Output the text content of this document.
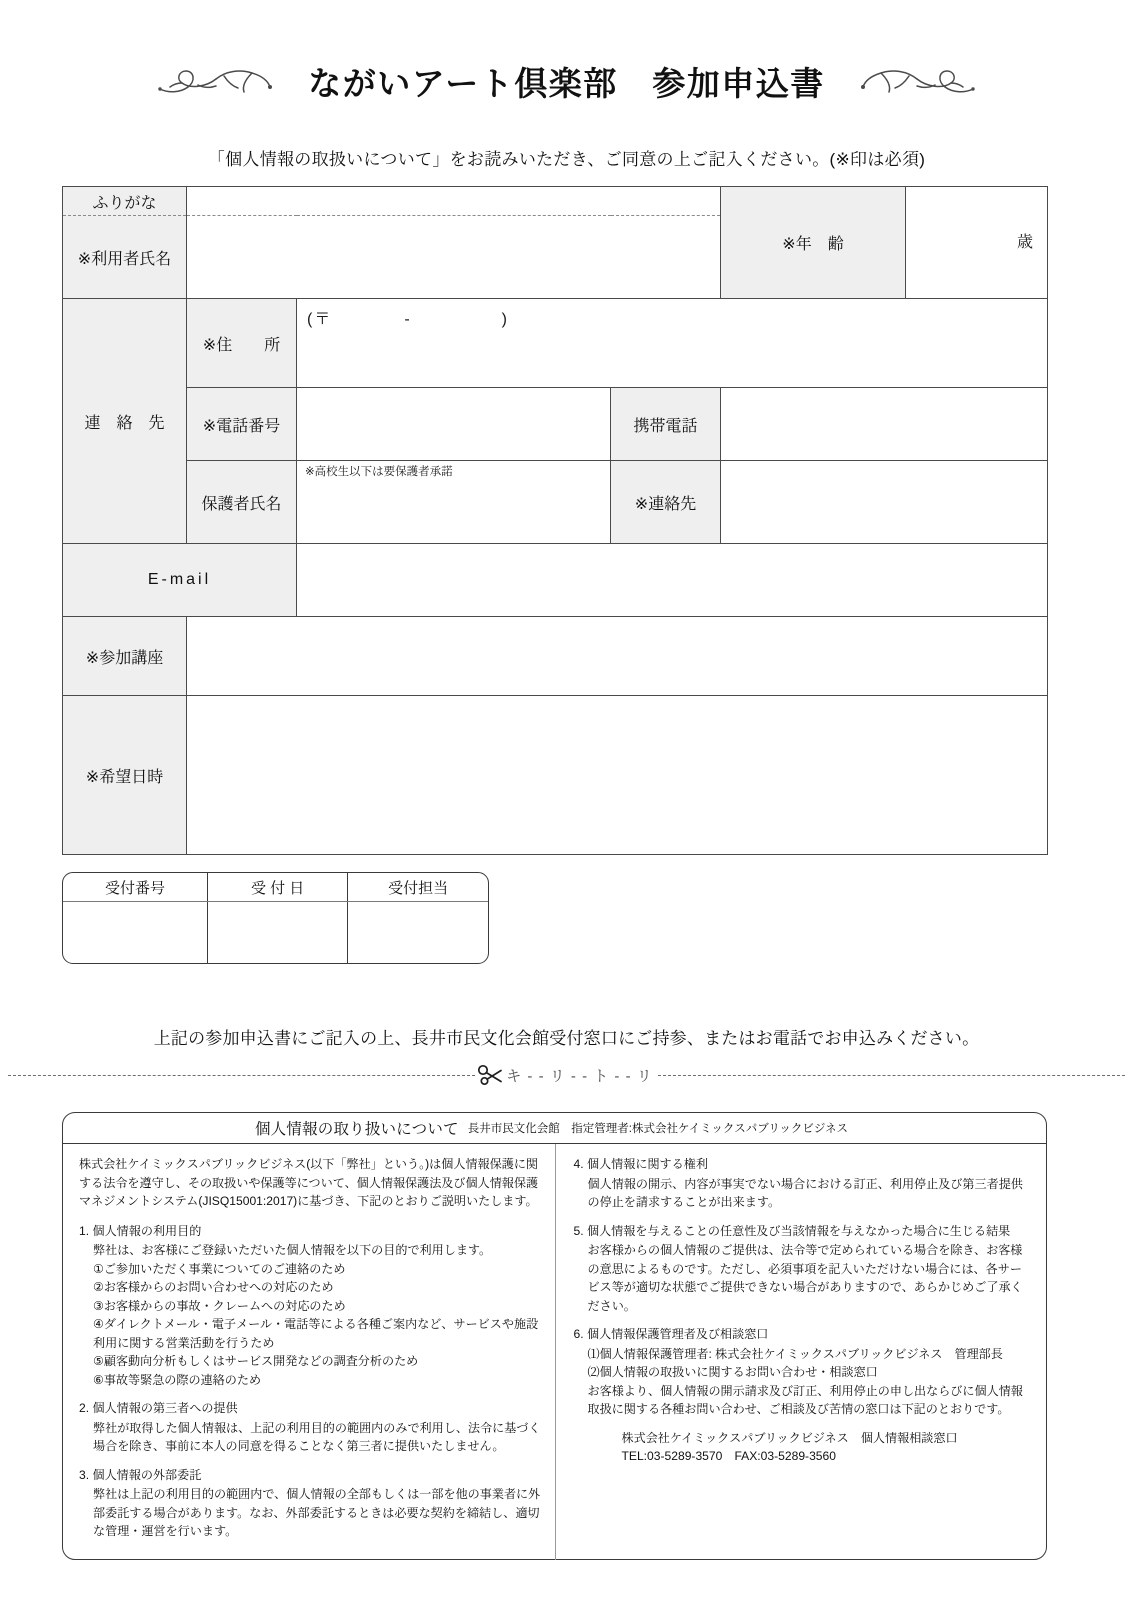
ながいアート倶楽部　参加申込書
「個人情報の取扱いについて」をお読みいただき、ご同意の上ご記入ください。(※印は必須)
ふりがな				※年　齢	歳

※利用者氏名					
連　絡　先	※住　　所	(〒　　　　-　　　　　)			

	※電話番号		携帯電話		
	保護者氏名	※高校生以下は要保護者承諾	※連絡先		
E-mail					
※参加講座					
※希望日時					
受付番号	受 付 日	受付担当

上記の参加申込書にご記入の上、長井市民文化会館受付窓口にご持参、またはお電話でお申込みください。
キ - - リ - - ト - - リ
個人情報の取り扱いについて 長井市民文化会館　指定管理者:株式会社ケイミックスパブリックビジネス

株式会社ケイミックスパブリックビジネス(以下「弊社」という。)は個人情報保護に関する法令を遵守し、その取扱いや保護等について、個人情報保護法及び個人情報保護マネジメントシステム(JISQ15001:2017)に基づき、下記のとおりご説明いたします。

1. 個人情報の利用目的

弊社は、お客様にご登録いただいた個人情報を以下の目的で利用します。

①ご参加いただく事業についてのご連絡のため

②お客様からのお問い合わせへの対応のため

③お客様からの事故・クレームへの対応のため

④ダイレクトメール・電子メール・電話等による各種ご案内など、サービスや施設利用に関する営業活動を行うため

⑤顧客動向分析もしくはサービス開発などの調査分析のため

⑥事故等緊急の際の連絡のため

2. 個人情報の第三者への提供

弊社が取得した個人情報は、上記の利用目的の範囲内のみで利用し、法令に基づく場合を除き、事前に本人の同意を得ることなく第三者に提供いたしません。

3. 個人情報の外部委託

弊社は上記の利用目的の範囲内で、個人情報の全部もしくは一部を他の事業者に外部委託する場合があります。なお、外部委託するときは必要な契約を締結し、適切な管理・運営を行います。

4. 個人情報に関する権利

個人情報の開示、内容が事実でない場合における訂正、利用停止及び第三者提供の停止を請求することが出来ます。

5. 個人情報を与えることの任意性及び当該情報を与えなかった場合に生じる結果

お客様からの個人情報のご提供は、法令等で定められている場合を除き、お客様の意思によるものです。ただし、必須事項を記入いただけない場合には、各サービス等が適切な状態でご提供できない場合がありますので、あらかじめご了承ください。

6. 個人情報保護管理者及び相談窓口

⑴個人情報保護管理者: 株式会社ケイミックスパブリックビジネス　管理部長

⑵個人情報の取扱いに関するお問い合わせ・相談窓口

お客様より、個人情報の開示請求及び訂正、利用停止の申し出ならびに個人情報取扱に関する各種お問い合わせ、ご相談及び苦情の窓口は下記のとおりです。

株式会社ケイミックスパブリックビジネス　個人情報相談窓口

TEL:03-5289-3570　FAX:03-5289-3560
